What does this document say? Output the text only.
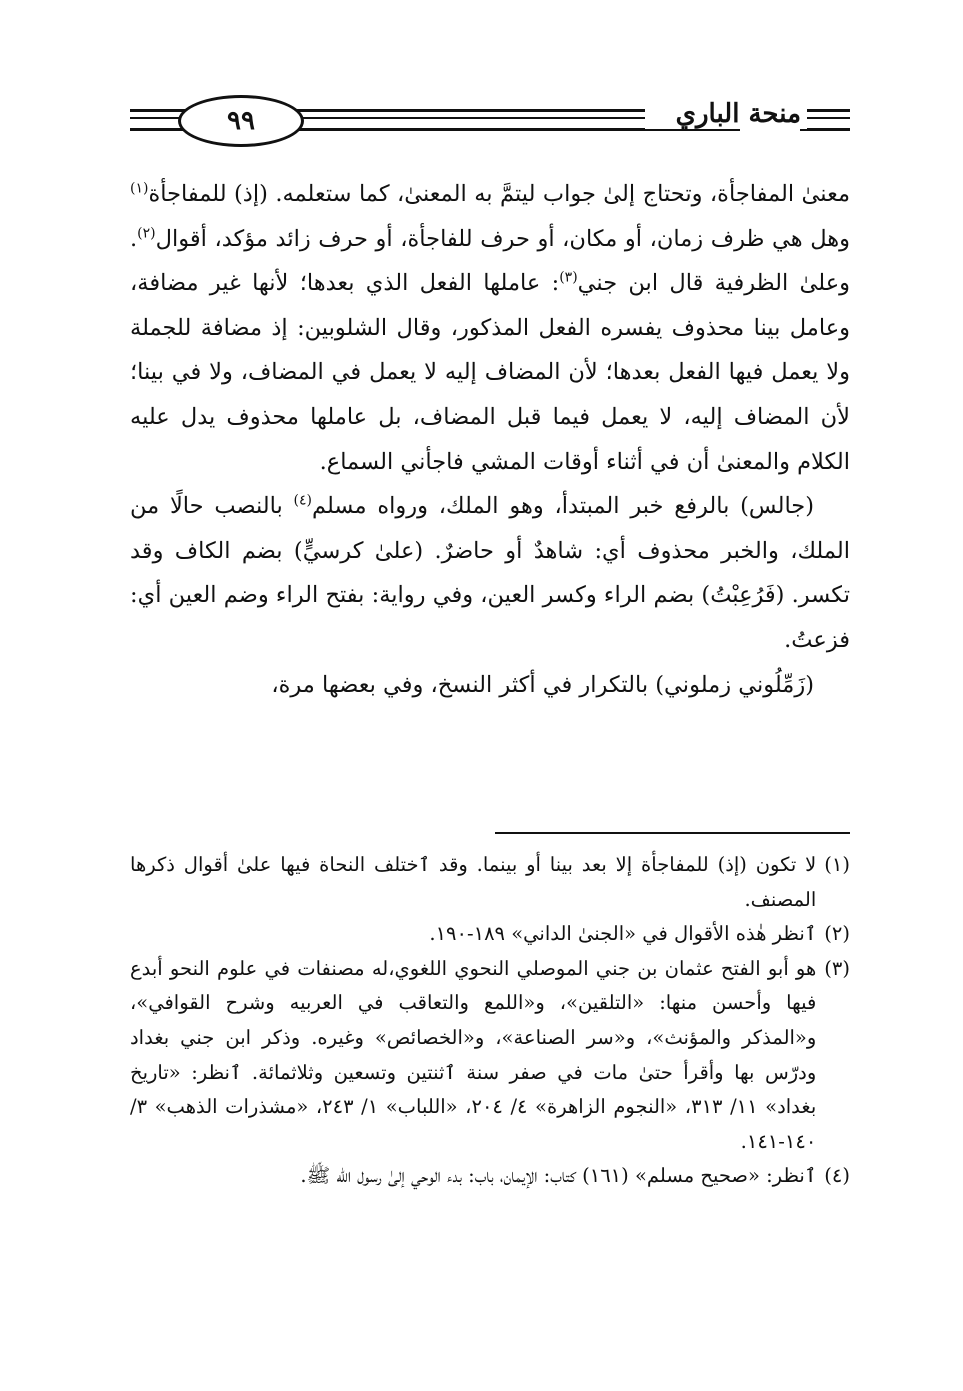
٩٩	منحة الباري

معنىٰ المفاجأة، وتحتاج إلىٰ جواب ليتمَّ به المعنىٰ، كما ستعلمه. (إذ) للمفاجأة$^{(١)}$ وهل هي ظرف زمان، أو مكان، أو حرف للفاجأة، أو حرف زائد مؤكد، أقوال$^{(٢)}$. وعلىٰ الظرفية قال ابن جني$^{(٣)}$: عاملها الفعل الذي بعدها؛ لأنها غير مضافة، وعامل بينا محذوف يفسره الفعل المذكور، وقال الشلوبين: إذ مضافة للجملة ولا يعمل فيها الفعل بعدها؛ لأن المضاف إليه لا يعمل في المضاف، ولا في بينا؛ لأن المضاف إليه، لا يعمل فيما قبل المضاف، بل عاملها محذوف يدل عليه الكلام والمعنىٰ أن في أثناء أوقات المشي فاجأني السماع.

(جالس) بالرفع خبر المبتدأ، وهو الملك، ورواه مسلم$^{(٤)}$ بالنصب حالًا من الملك، والخبر محذوف أي: شاهدٌ أو حاضرٌ. (علىٰ كرسيٍّ) بضم الكاف وقد تكسر. (فَرُعِبْتُ) بضم الراء وكسر العين، وفي رواية: بفتح الراء وضم العين أي: فزعتُ.

(زَمِّلُوني زملوني) بالتكرار في أكثر النسخ، وفي بعضها مرة،

(١)
لا تكون (إذ) للمفاجأة إلا بعد بينا أو بينما. وقد ٱختلف النحاة فيها علىٰ أقوال ذكرها المصنف.
(٢)
ٱنظر هٰذه الأقوال في «الجنىٰ الداني» ١٨٩-١٩٠.
(٣)
هو أبو الفتح عثمان بن جني الموصلي النحوي اللغوي،له مصنفات في علوم النحو أبدع فيها وأحسن منها: «التلقين»، و«اللمع والتعاقب في العربيه وشرح القوافي»، و«المذكر والمؤنث»، و«سر الصناعة»، و«الخصائص» وغيره. وذكر ابن جني بغداد ودرّس بها وأقرأ حتىٰ مات في صفر سنة ٱثنتين وتسعين وثلاثمائة. ٱنظر: «تاريخ بغداد» ١١/ ٣١٣، «النجوم الزاهرة» ٤/ ٢٠٤، «اللباب» ١/ ٢٤٣، «مشذرات الذهب» ٣/ ١٤٠-١٤١.
(٤)
ٱنظر: «صحيح مسلم» (١٦١) كتاب: الإيمان، باب: بدء الوحي إلىٰ رسول الله ﷺ.
